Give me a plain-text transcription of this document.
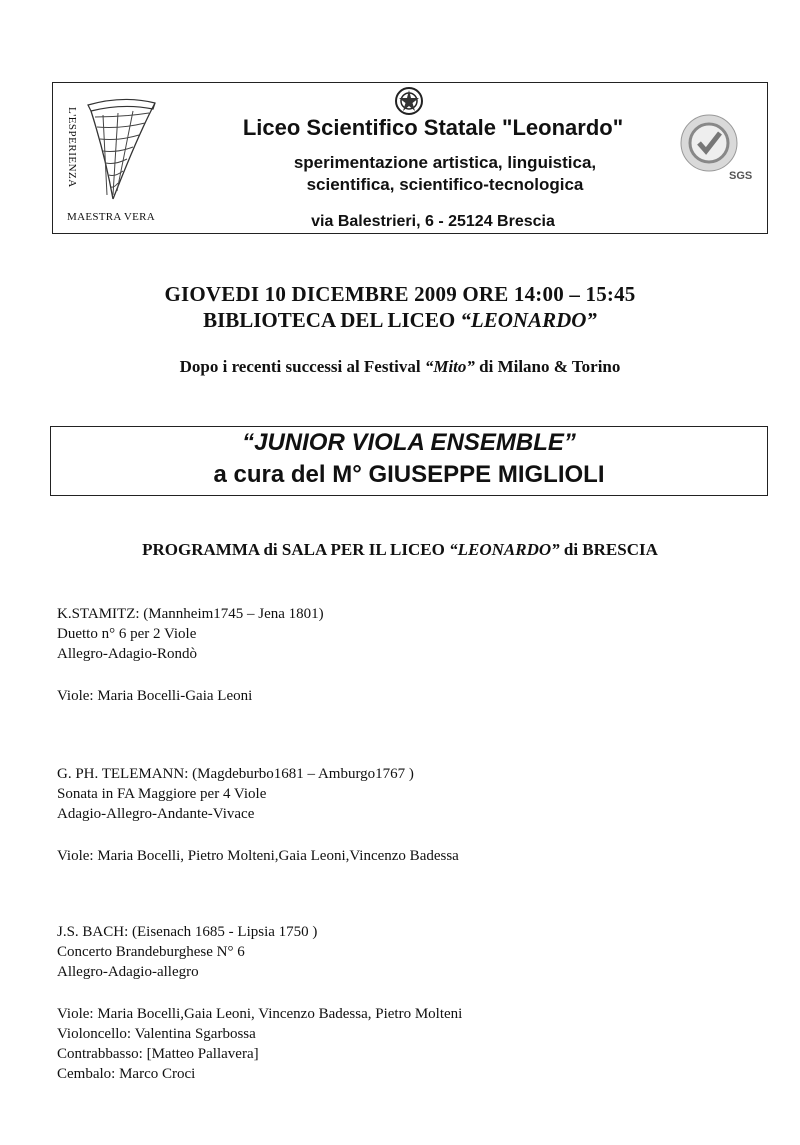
L'ESPERIENZA
MAESTRA VERA
Liceo Scientifico Statale "Leonardo"
sperimentazione artistica, linguistica,
scientifica, scientifico-tecnologica
via Balestrieri, 6 - 25124 Brescia
SGS
GIOVEDI 10 DICEMBRE 2009 ORE 14:00 – 15:45
BIBLIOTECA DEL LICEO “LEONARDO”
Dopo i recenti successi al Festival “Mito” di Milano & Torino
“JUNIOR VIOLA ENSEMBLE”
a cura del M° GIUSEPPE MIGLIOLI
PROGRAMMA di SALA PER IL LICEO “LEONARDO” di BRESCIA
K.STAMITZ: (Mannheim1745 – Jena 1801)
Duetto n° 6 per 2 Viole
Allegro-Adagio-Rondò
Viole: Maria Bocelli-Gaia Leoni
G. PH. TELEMANN: (Magdeburbo1681 – Amburgo1767 )
Sonata in FA Maggiore per 4 Viole
Adagio-Allegro-Andante-Vivace
Viole: Maria Bocelli, Pietro Molteni,Gaia Leoni,Vincenzo Badessa
J.S. BACH: (Eisenach 1685 - Lipsia 1750 )
Concerto Brandeburghese N° 6
Allegro-Adagio-allegro
Viole: Maria Bocelli,Gaia Leoni, Vincenzo Badessa, Pietro Molteni
Violoncello: Valentina Sgarbossa
Contrabbasso: [Matteo Pallavera]
Cembalo: Marco Croci
